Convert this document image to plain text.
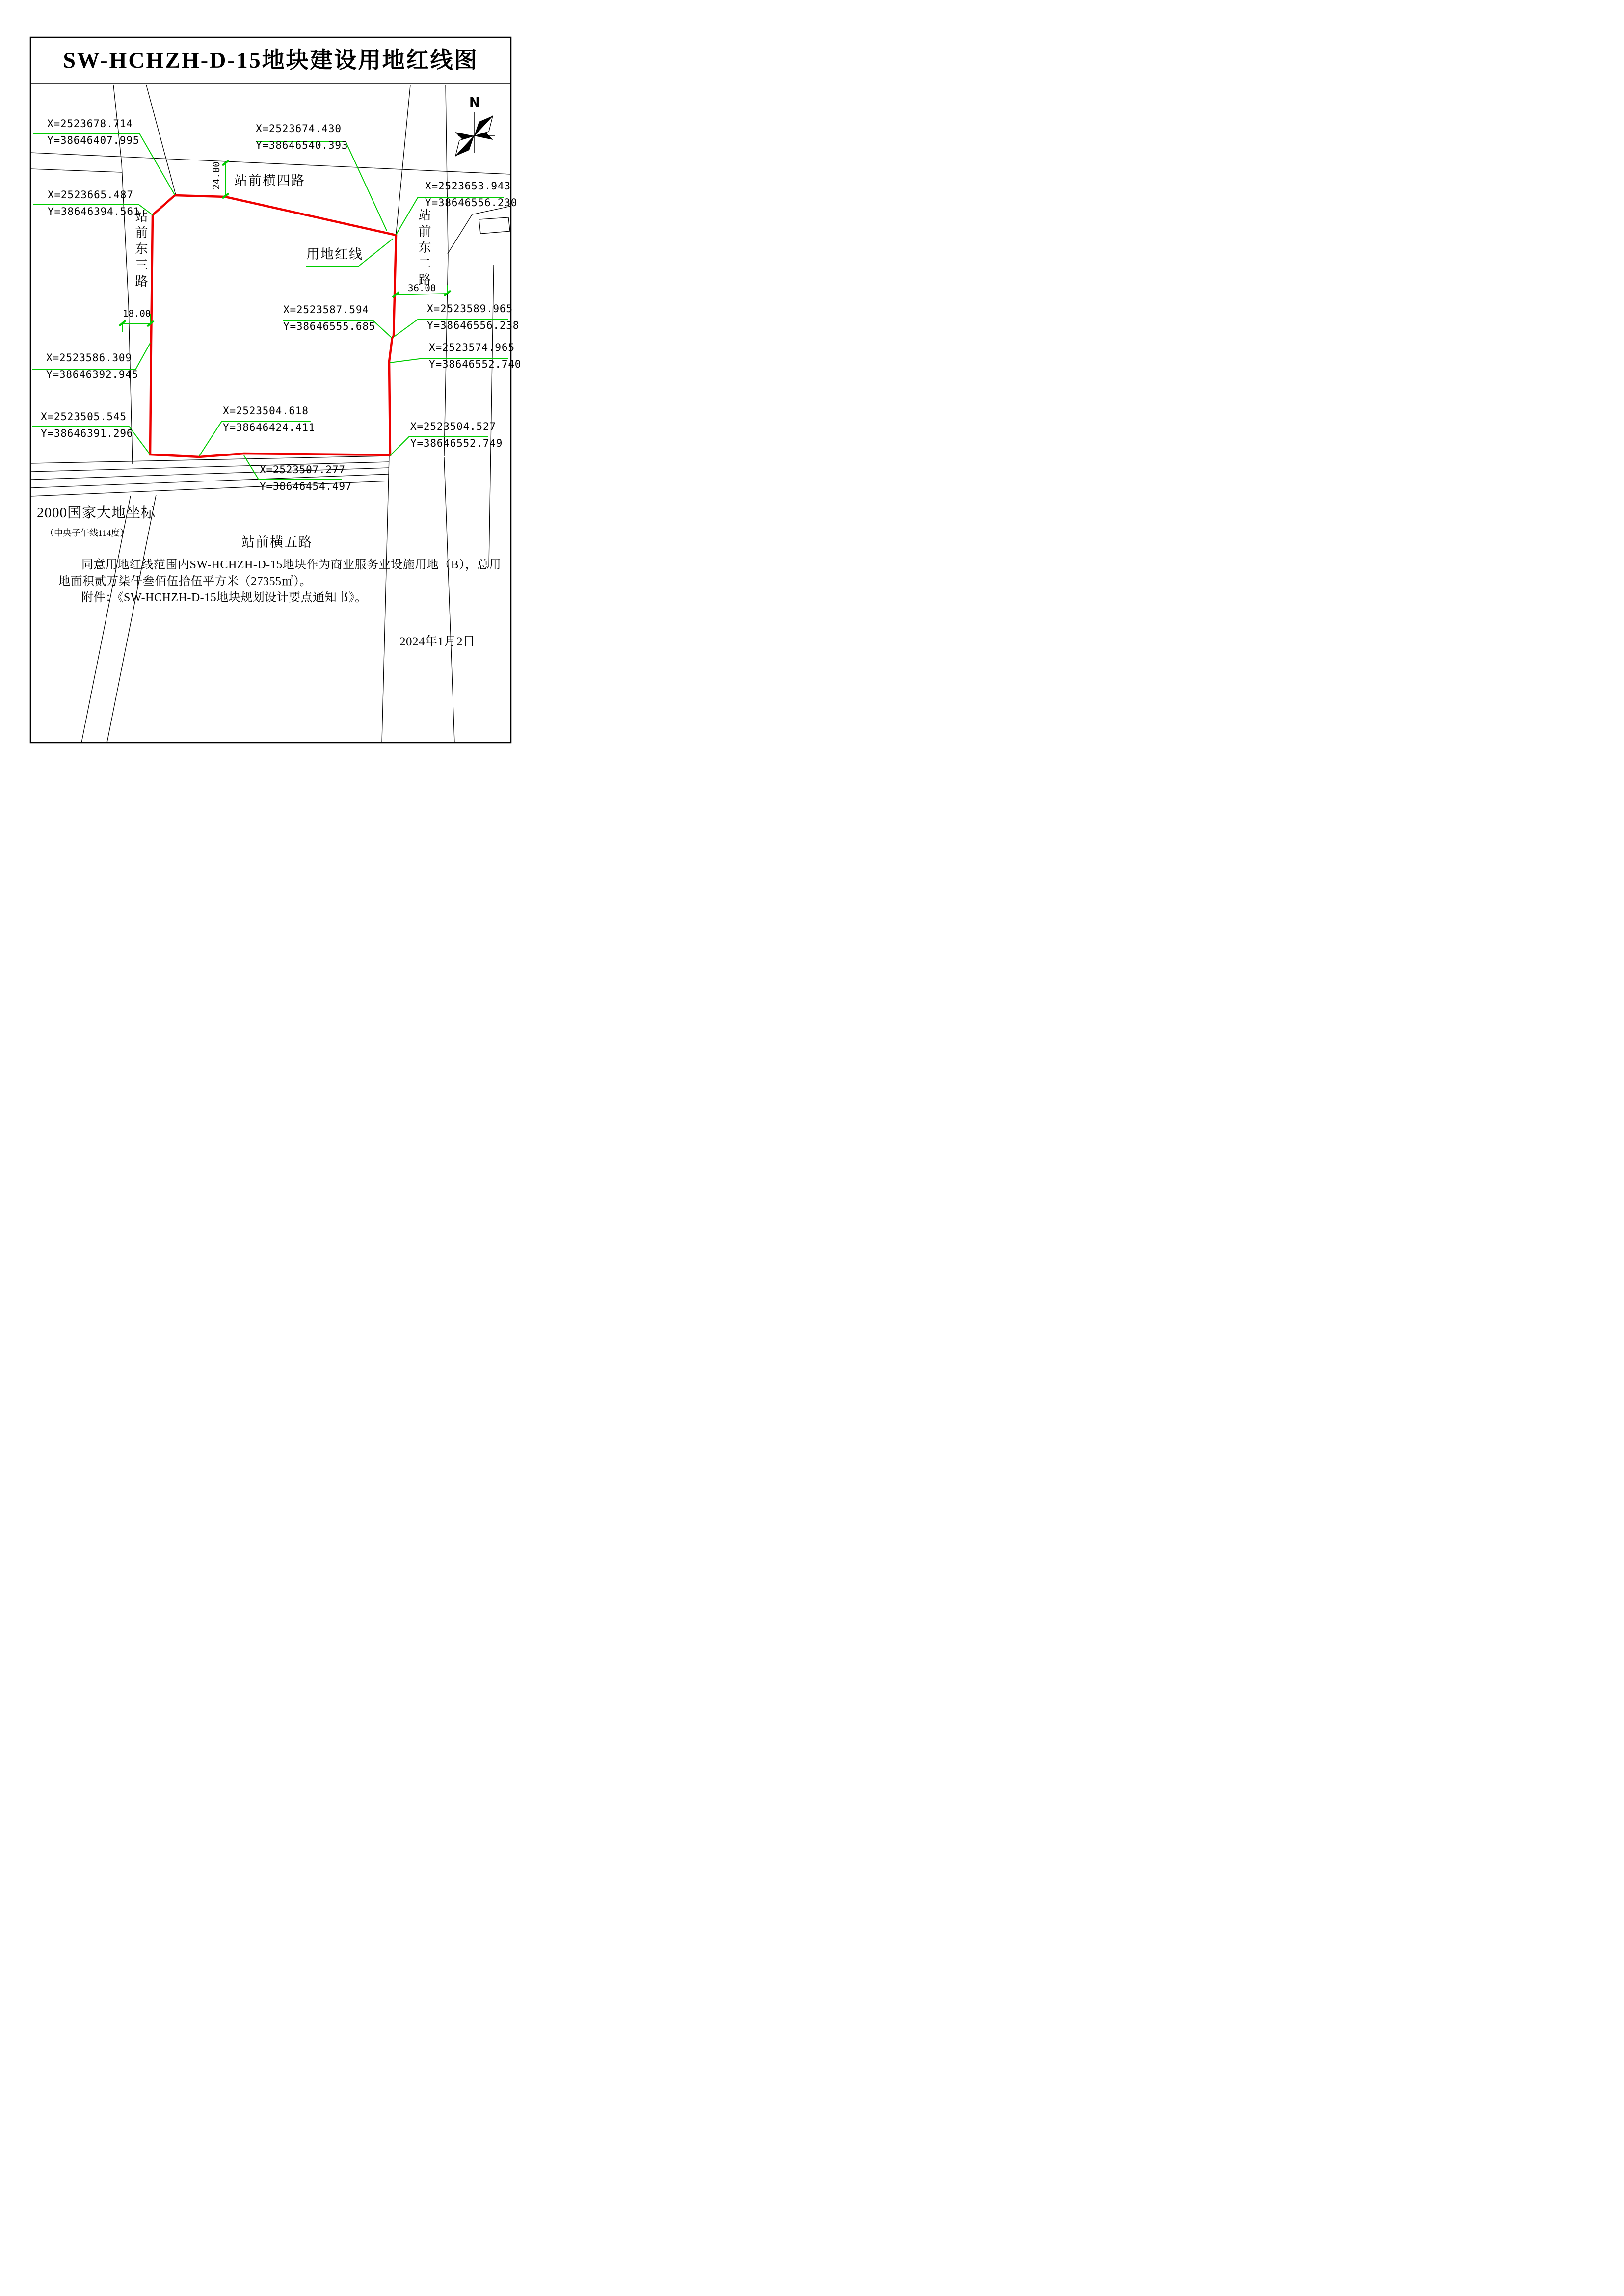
SW-HCHZH-D-15地块建设用地红线图
N
X=2523678.714
Y=38646407.995
X=2523665.487
Y=38646394.561
X=2523674.430
Y=38646540.393
X=2523653.943
Y=38646556.230
X=2523589.965
Y=38646556.238
X=2523587.594
Y=38646555.685
X=2523574.965
Y=38646552.740
X=2523586.309
Y=38646392.945
X=2523505.545
Y=38646391.296
X=2523504.618
Y=38646424.411
X=2523507.277
Y=38646454.497
X=2523504.527
Y=38646552.749
24.00
36.00
18.00
站前横四路
站前横五路
站前东三路	站前东二路
用地红线
2000国家大地坐标
（中央子午线114度）
同意用地红线范围内SW-HCHZH-D-15地块作为商业服务业设施用地（B），总用
地面积贰万柒仟叁佰伍拾伍平方米（27355㎡）。
附件：《SW-HCHZH-D-15地块规划设计要点通知书》。
2024年1月2日
